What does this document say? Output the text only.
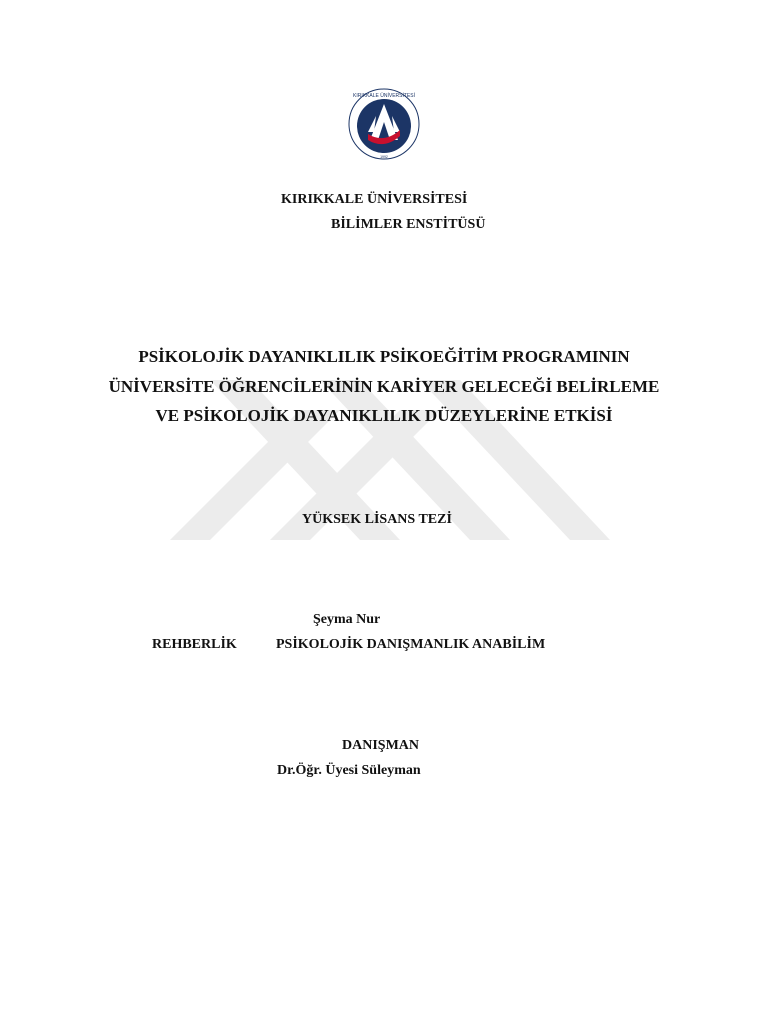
KIRIKKALE ÜNİVERSİTESİ
1992
KIRIKKALE ÜNİVERSİTESİ
BİLİMLER ENSTİTÜSÜ
PSİKOLOJİK DAYANIKLILIK PSİKOEĞİTİM PROGRAMININ
ÜNİVERSİTE ÖĞRENCİLERİNİN KARİYER GELECEĞİ BELİRLEME
VE PSİKOLOJİK DAYANIKLILIK DÜZEYLERİNE ETKİSİ
YÜKSEK LİSANS TEZİ
Şeyma Nur
REHBERLİK	PSİKOLOJİK DANIŞMANLIK ANABİLİM
DANIŞMAN
Dr.Öğr. Üyesi Süleyman
